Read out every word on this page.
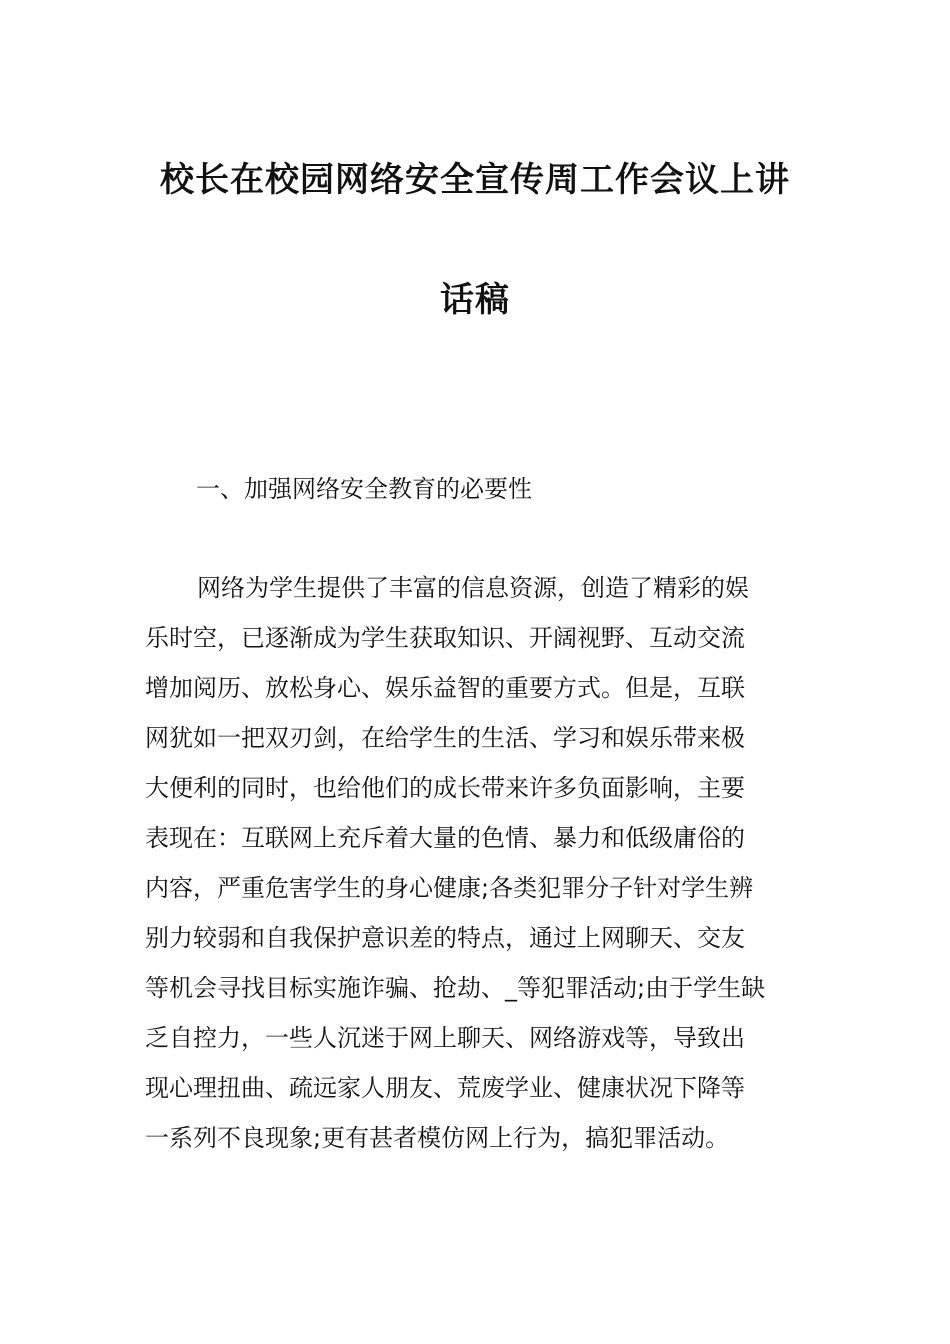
校长在校园网络安全宣传周工作会议上讲
话稿
一、加强网络安全教育的必要性
网络为学生提供了丰富的信息资源，创造了精彩的娱
乐时空，已逐渐成为学生获取知识、开阔视野、互动交流
增加阅历、放松身心、娱乐益智的重要方式。但是，互联
网犹如一把双刃剑，在给学生的生活、学习和娱乐带来极
大便利的同时，也给他们的成长带来许多负面影响，主要
表现在：互联网上充斥着大量的色情、暴力和低级庸俗的
内容，严重危害学生的身心健康;各类犯罪分子针对学生辨
别力较弱和自我保护意识差的特点，通过上网聊天、交友
等机会寻找目标实施诈骗、抢劫、_等犯罪活动;由于学生缺
乏自控力，一些人沉迷于网上聊天、网络游戏等，导致出
现心理扭曲、疏远家人朋友、荒废学业、健康状况下降等
一系列不良现象;更有甚者模仿网上行为，搞犯罪活动。
